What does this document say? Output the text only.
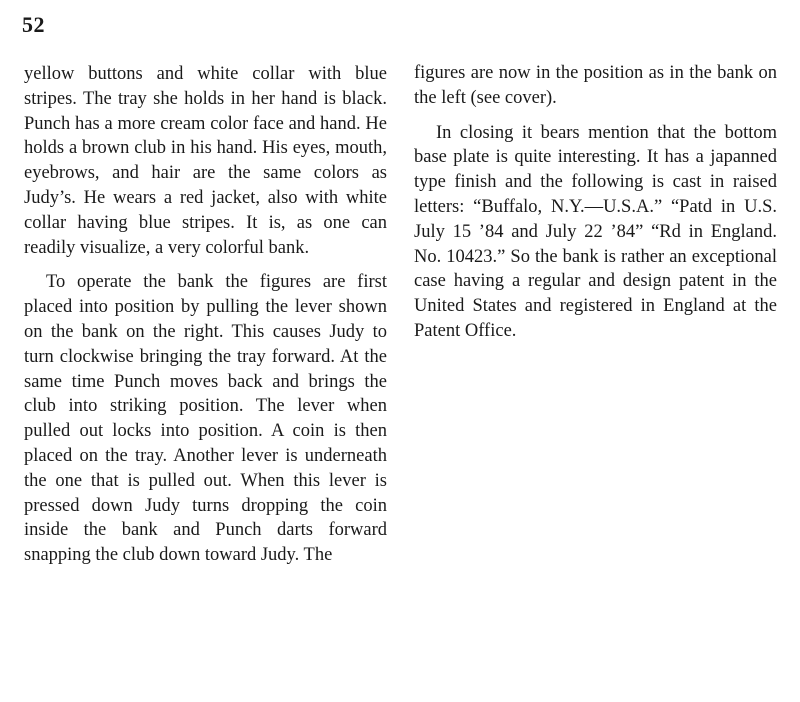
52

yellow buttons and white collar with blue stripes. The tray she holds in her hand is black. Punch has a more cream color face and hand. He holds a brown club in his hand. His eyes, mouth, eyebrows, and hair are the same colors as Judy’s. He wears a red jacket, also with white collar having blue stripes. It is, as one can readily visualize, a very colorful bank.

To operate the bank the figures are first placed into position by pulling the lever shown on the bank on the right. This causes Judy to turn clockwise bringing the tray forward. At the same time Punch moves back and brings the club into striking position. The lever when pulled out locks into position. A coin is then placed on the tray. Another lever is underneath the one that is pulled out. When this lever is pressed down Judy turns dropping the coin inside the bank and Punch darts forward snapping the club down toward Judy. The

figures are now in the position as in the bank on the left (see cover).

In closing it bears mention that the bottom base plate is quite interesting. It has a japanned type finish and the following is cast in raised letters: “Buffalo, N.Y.—U.S.A.” “Patd in U.S. July 15 ’84 and July 22 ’84” “Rd in England. No. 10423.” So the bank is rather an exceptional case having a regular and design patent in the United States and registered in England at the Patent Office.
